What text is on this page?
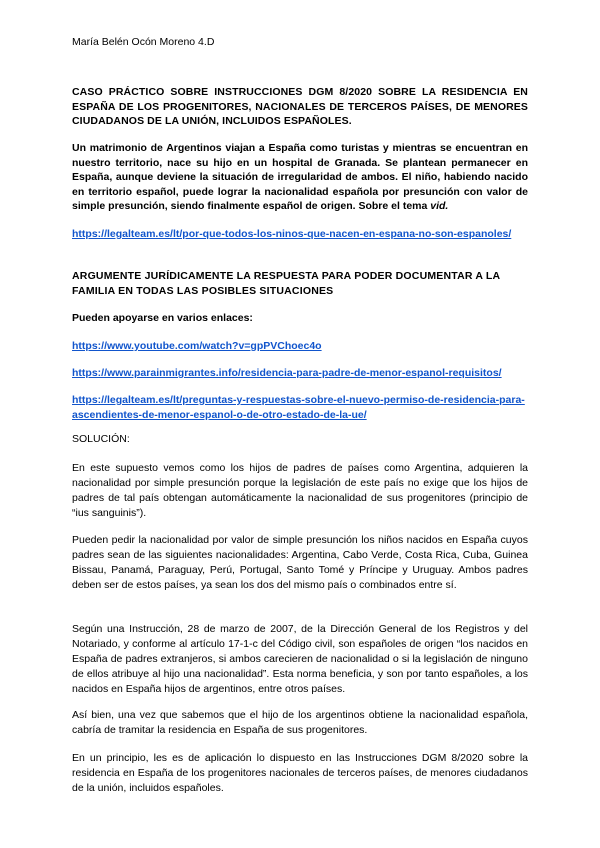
María Belén Ocón Moreno 4.D

CASO PRÁCTICO SOBRE INSTRUCCIONES DGM 8/2020 SOBRE LA RESIDENCIA EN ESPAÑA DE LOS PROGENITORES, NACIONALES DE TERCEROS PAÍSES, DE MENORES CIUDADANOS DE LA UNIÓN, INCLUIDOS ESPAÑOLES.

Un matrimonio de Argentinos viajan a España como turistas y mientras se encuentran en nuestro territorio, nace su hijo en un hospital de Granada. Se plantean permanecer en España, aunque deviene la situación de irregularidad de ambos. El niño, habiendo nacido en territorio español, puede lograr la nacionalidad española por presunción con valor de simple presunción, siendo finalmente español de origen. Sobre el tema vid.

https://legalteam.es/lt/por-que-todos-los-ninos-que-nacen-en-espana-no-son-espanoles/

ARGUMENTE JURÍDICAMENTE LA RESPUESTA PARA PODER DOCUMENTAR A LA FAMILIA EN TODAS LAS POSIBLES SITUACIONES

Pueden apoyarse en varios enlaces:
https://www.youtube.com/watch?v=gpPVChoec4o
https://www.parainmigrantes.info/residencia-para-padre-de-menor-espanol-requisitos/
https://legalteam.es/lt/preguntas-y-respuestas-sobre-el-nuevo-permiso-de-residencia-para-ascendientes-de-menor-espanol-o-de-otro-estado-de-la-ue/
SOLUCIÓN:

En este supuesto vemos como los hijos de padres de países como Argentina, adquieren la nacionalidad por simple presunción porque la legislación de este país no exige que los hijos de padres de tal país obtengan automáticamente la nacionalidad de sus progenitores (principio de “ius sanguinis”).

Pueden pedir la nacionalidad por valor de simple presunción los niños nacidos en España cuyos padres sean de las siguientes nacionalidades: Argentina, Cabo Verde, Costa Rica, Cuba, Guinea Bissau, Panamá, Paraguay, Perú, Portugal, Santo Tomé y Príncipe y Uruguay. Ambos padres deben ser de estos países, ya sean los dos del mismo país o combinados entre sí.

Según una Instrucción, 28 de marzo de 2007, de la Dirección General de los Registros y del Notariado, y conforme al artículo 17-1-c del Código civil, son españoles de origen “los nacidos en España de padres extranjeros, si ambos carecieren de nacionalidad o si la legislación de ninguno de ellos atribuye al hijo una nacionalidad”. Esta norma beneficia, y son por tanto españoles, a los nacidos en España hijos de argentinos, entre otros países.

Así bien, una vez que sabemos que el hijo de los argentinos obtiene la nacionalidad española, cabría de tramitar la residencia en España de sus progenitores.

En un principio, les es de aplicación lo dispuesto en las Instrucciones DGM 8/2020 sobre la residencia en España de los progenitores nacionales de terceros países, de menores ciudadanos de la unión, incluidos españoles.
